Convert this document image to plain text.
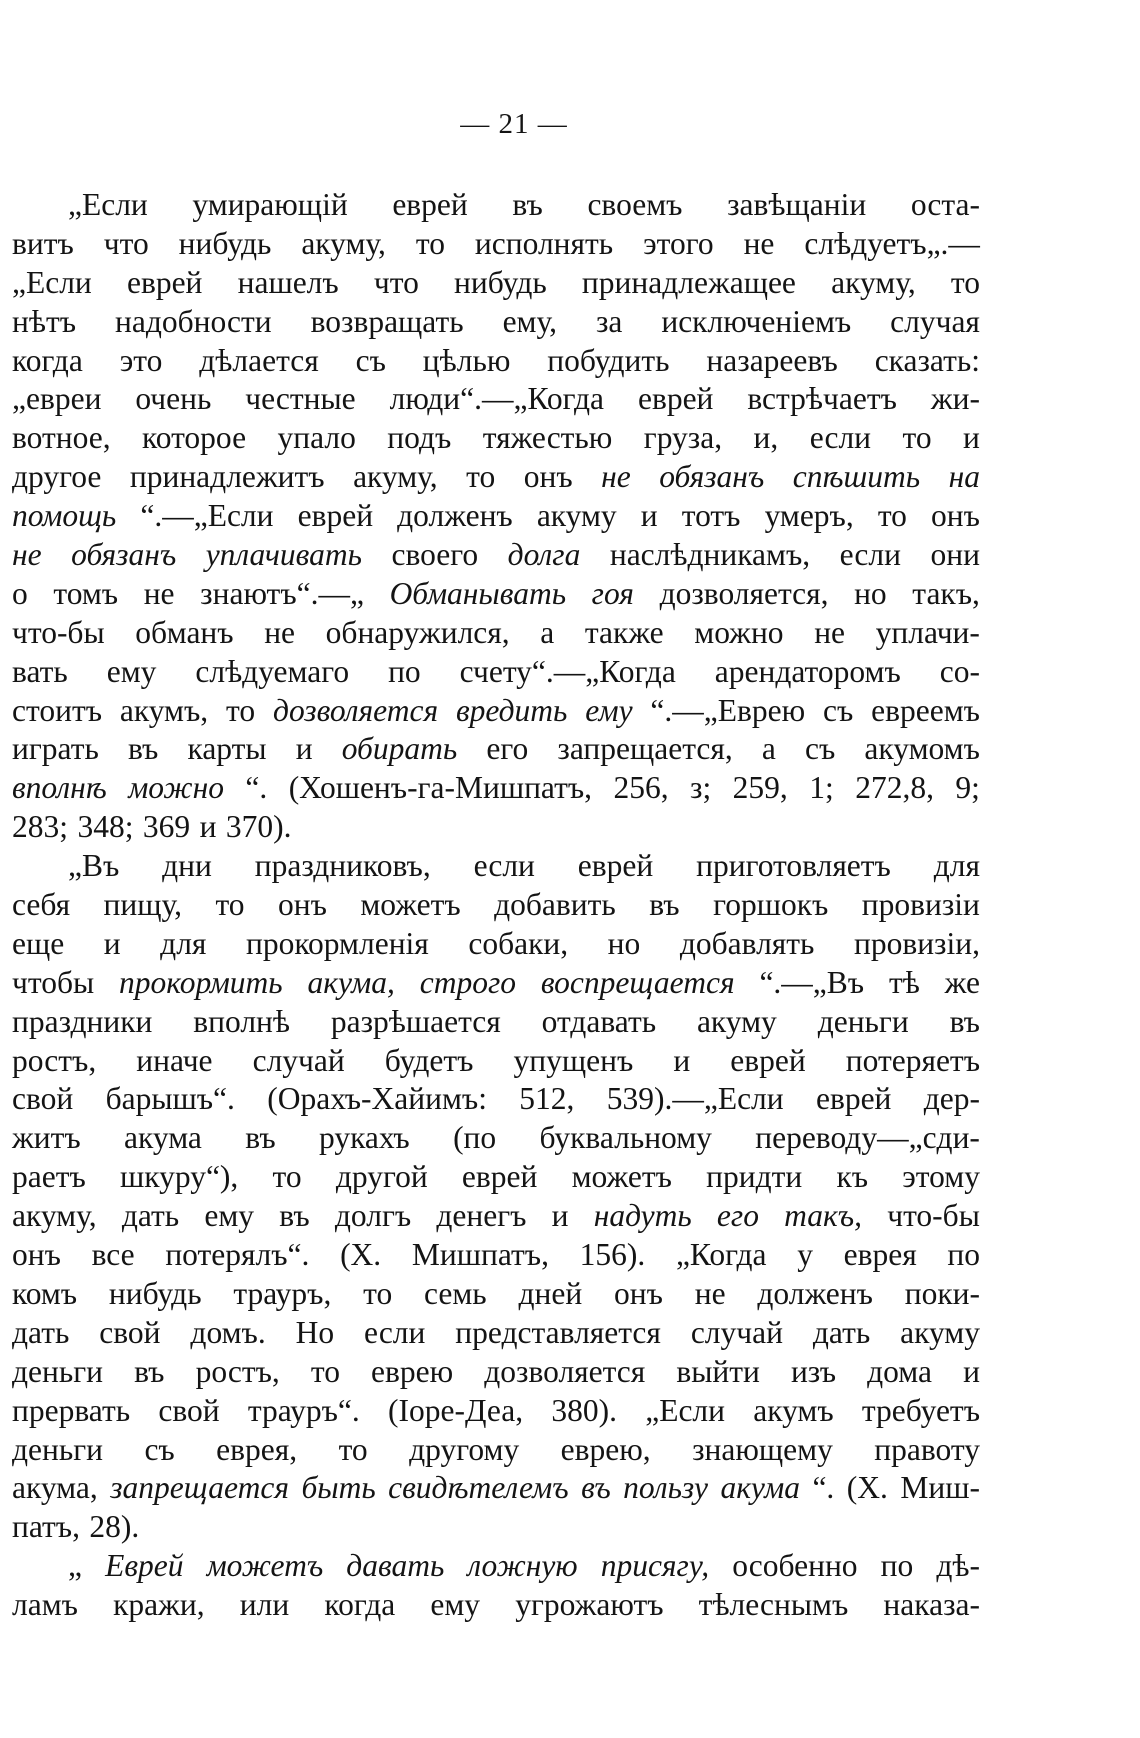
— 21 —
„Если умирающій еврей въ своемъ завѣщаніи оста-
витъ что нибудь акуму, то исполнять этого не слѣдуетъ„.—
„Если еврей нашелъ что нибудь принадлежащее акуму, то
нѣтъ надобности возвращать ему, за исключеніемъ случая
когда это дѣлается съ цѣлью побудить назареевъ сказать:
„евреи очень честные люди“.—„Когда еврей встрѣчаетъ жи-
вотное, которое упало подъ тяжестью груза, и, если то и
другое принадлежитъ акуму, то онъ не обязанъ спѣшить на
помощь “.—„Если еврей долженъ акуму и тотъ умеръ, то онъ
не обязанъ уплачивать своего долга наслѣдникамъ, если они
о томъ не знаютъ“.—„ Обманывать гоя дозволяется, но такъ,
что-бы обманъ не обнаружился, а также можно не уплачи-
вать ему слѣдуемаго по счету“.—„Когда арендаторомъ со-
стоитъ акумъ, то дозволяется вредить ему “.—„Еврею съ евреемъ
играть въ карты и обирать его запрещается, а съ акумомъ
вполнѣ можно “. (Хошенъ-га-Мишпатъ, 256, з; 259, 1; 272,8, 9;
283; 348; 369 и 370).
„Въ дни праздниковъ, если еврей приготовляетъ для
себя пищу, то онъ можетъ добавить въ горшокъ провизіи
еще и для прокормленія собаки, но добавлять провизіи,
чтобы прокормить акума, строго воспрещается “.—„Въ тѣ же
праздники вполнѣ разрѣшается отдавать акуму деньги въ
ростъ, иначе случай будетъ упущенъ и еврей потеряетъ
свой барышъ“. (Орахъ-Хайимъ: 512, 539).—„Если еврей дер-
житъ акума въ рукахъ (по буквальному переводу—„сди-
раетъ шкуру“), то другой еврей можетъ придти къ этому
акуму, дать ему въ долгъ денегъ и надуть его такъ, что-бы
онъ все потерялъ“. (Х. Мишпатъ, 156). „Когда у еврея по
комъ нибудь трауръ, то семь дней онъ не долженъ поки-
дать свой домъ. Но если представляется случай дать акуму
деньги въ ростъ, то еврею дозволяется выйти изъ дома и
прервать свой трауръ“. (Іоре-Деа, 380). „Если акумъ требуетъ
деньги съ еврея, то другому еврею, знающему правоту
акума, запрещается быть свидѣтелемъ въ пользу акума “. (Х. Миш-
патъ, 28).
„ Еврей можетъ давать ложную присягу, особенно по дѣ-
ламъ кражи, или когда ему угрожаютъ тѣлеснымъ наказа-
